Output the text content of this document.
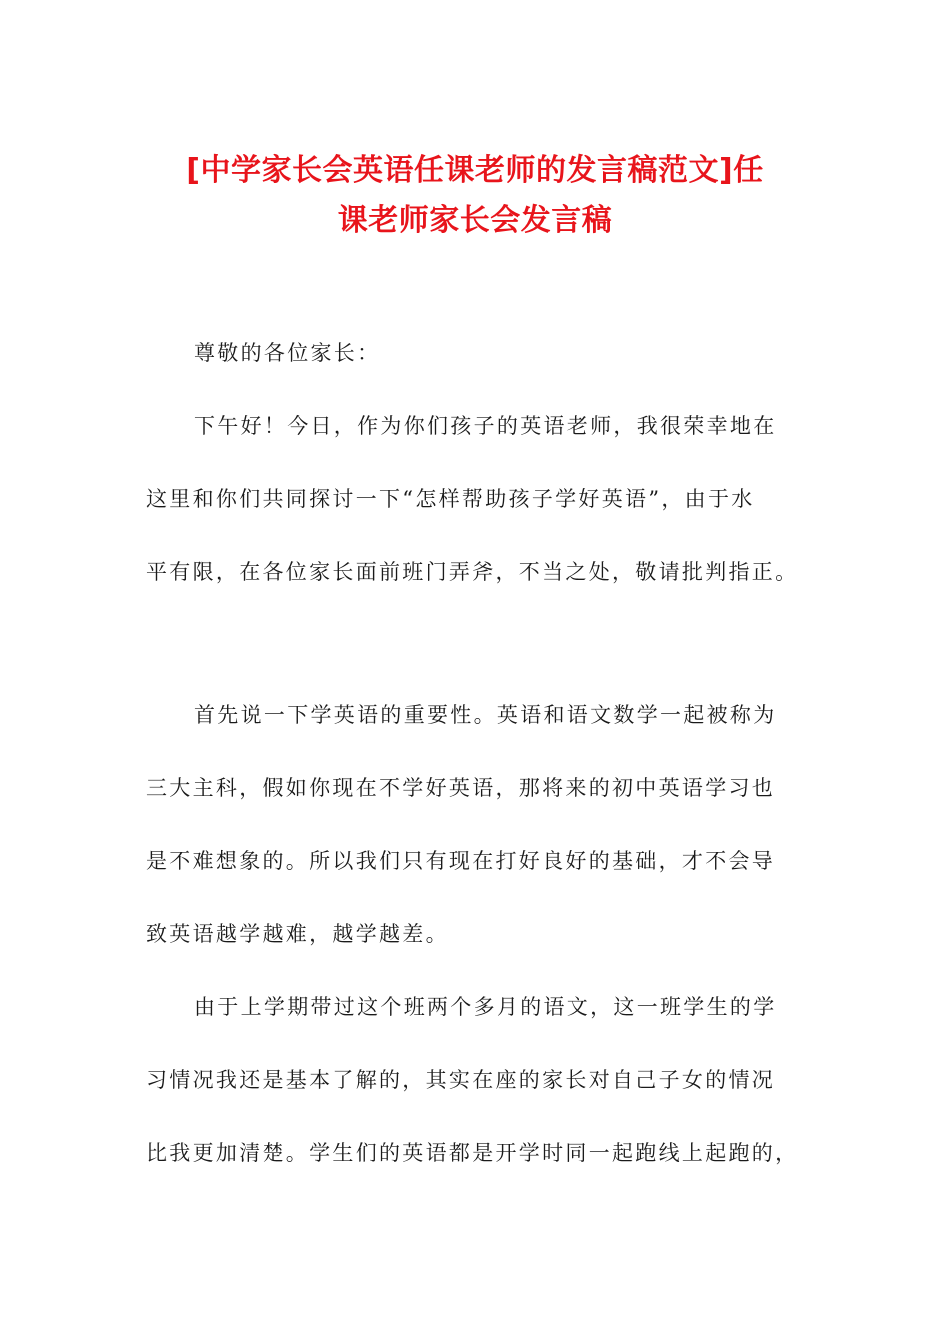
[中学家长会英语任课老师的发言稿范文]任
课老师家长会发言稿
尊敬的各位家长：
下午好！今日，作为你们孩子的英语老师，我很荣幸地在
这里和你们共同探讨一下“怎样帮助孩子学好英语”，由于水
平有限，在各位家长面前班门弄斧，不当之处，敬请批判指正。
首先说一下学英语的重要性。英语和语文数学一起被称为
三大主科，假如你现在不学好英语，那将来的初中英语学习也
是不难想象的。所以我们只有现在打好良好的基础，才不会导
致英语越学越难，越学越差。
由于上学期带过这个班两个多月的语文，这一班学生的学
习情况我还是基本了解的，其实在座的家长对自己子女的情况
比我更加清楚。学生们的英语都是开学时同一起跑线上起跑的，
